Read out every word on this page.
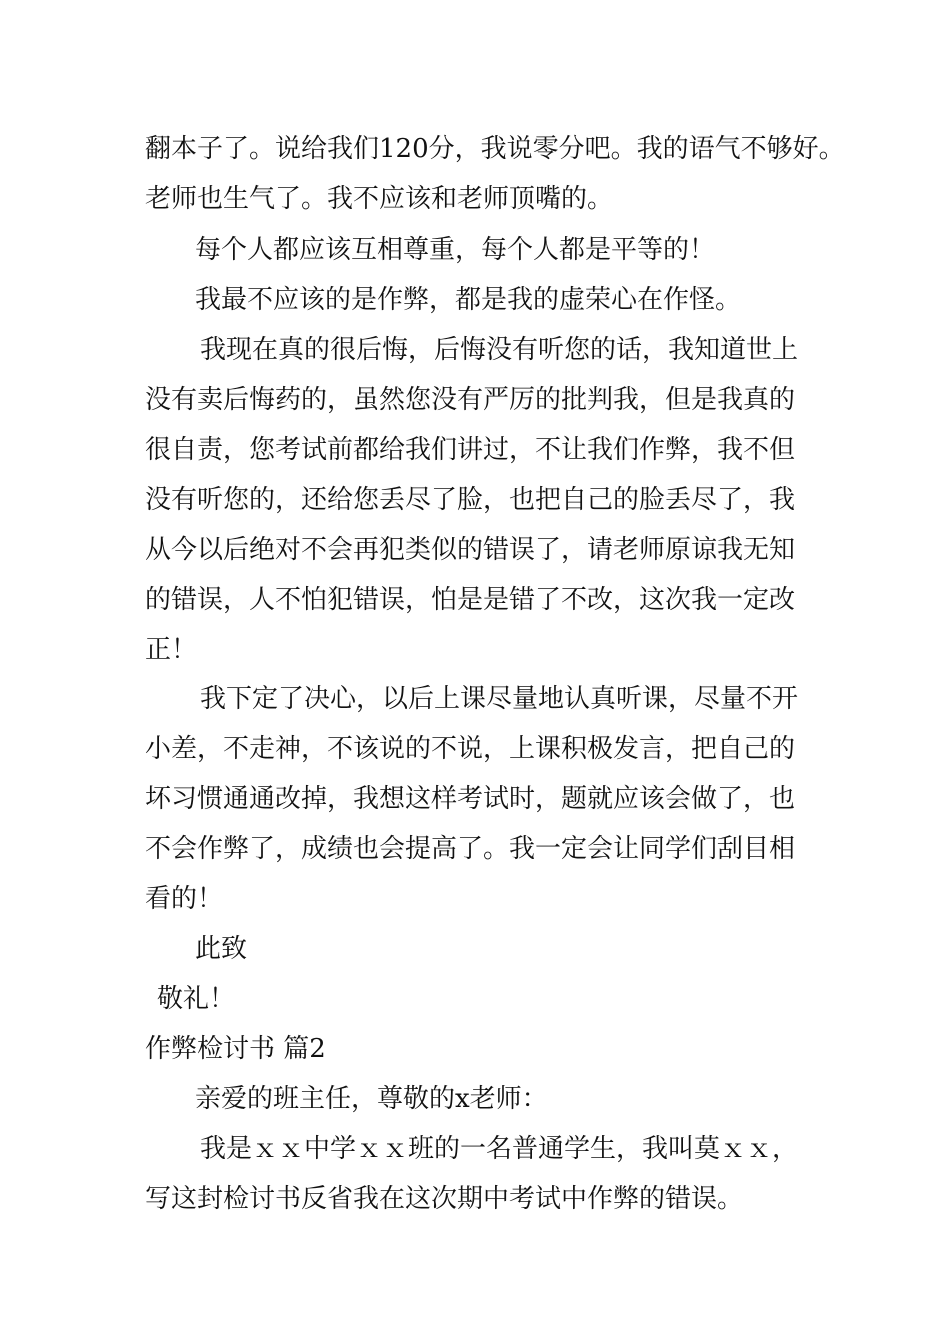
翻本子了。说给我们120分，我说零分吧。我的语气不够好。
老师也生气了。我不应该和老师顶嘴的。
每个人都应该互相尊重，每个人都是平等的！
我最不应该的是作弊，都是我的虚荣心在作怪。
我现在真的很后悔，后悔没有听您的话，我知道世上
没有卖后悔药的，虽然您没有严厉的批判我，但是我真的
很自责，您考试前都给我们讲过，不让我们作弊，我不但
没有听您的，还给您丢尽了脸，也把自己的脸丢尽了，我
从今以后绝对不会再犯类似的错误了，请老师原谅我无知
的错误，人不怕犯错误，怕是是错了不改，这次我一定改
正！
我下定了决心，以后上课尽量地认真听课，尽量不开
小差，不走神，不该说的不说，上课积极发言，把自己的
坏习惯通通改掉，我想这样考试时，题就应该会做了，也
不会作弊了，成绩也会提高了。我一定会让同学们刮目相
看的！
此致
敬礼！
作弊检讨书 篇2
亲爱的班主任，尊敬的x老师：
我是ｘｘ中学ｘｘ班的一名普通学生，我叫莫ｘｘ，
写这封检讨书反省我在这次期中考试中作弊的错误。
